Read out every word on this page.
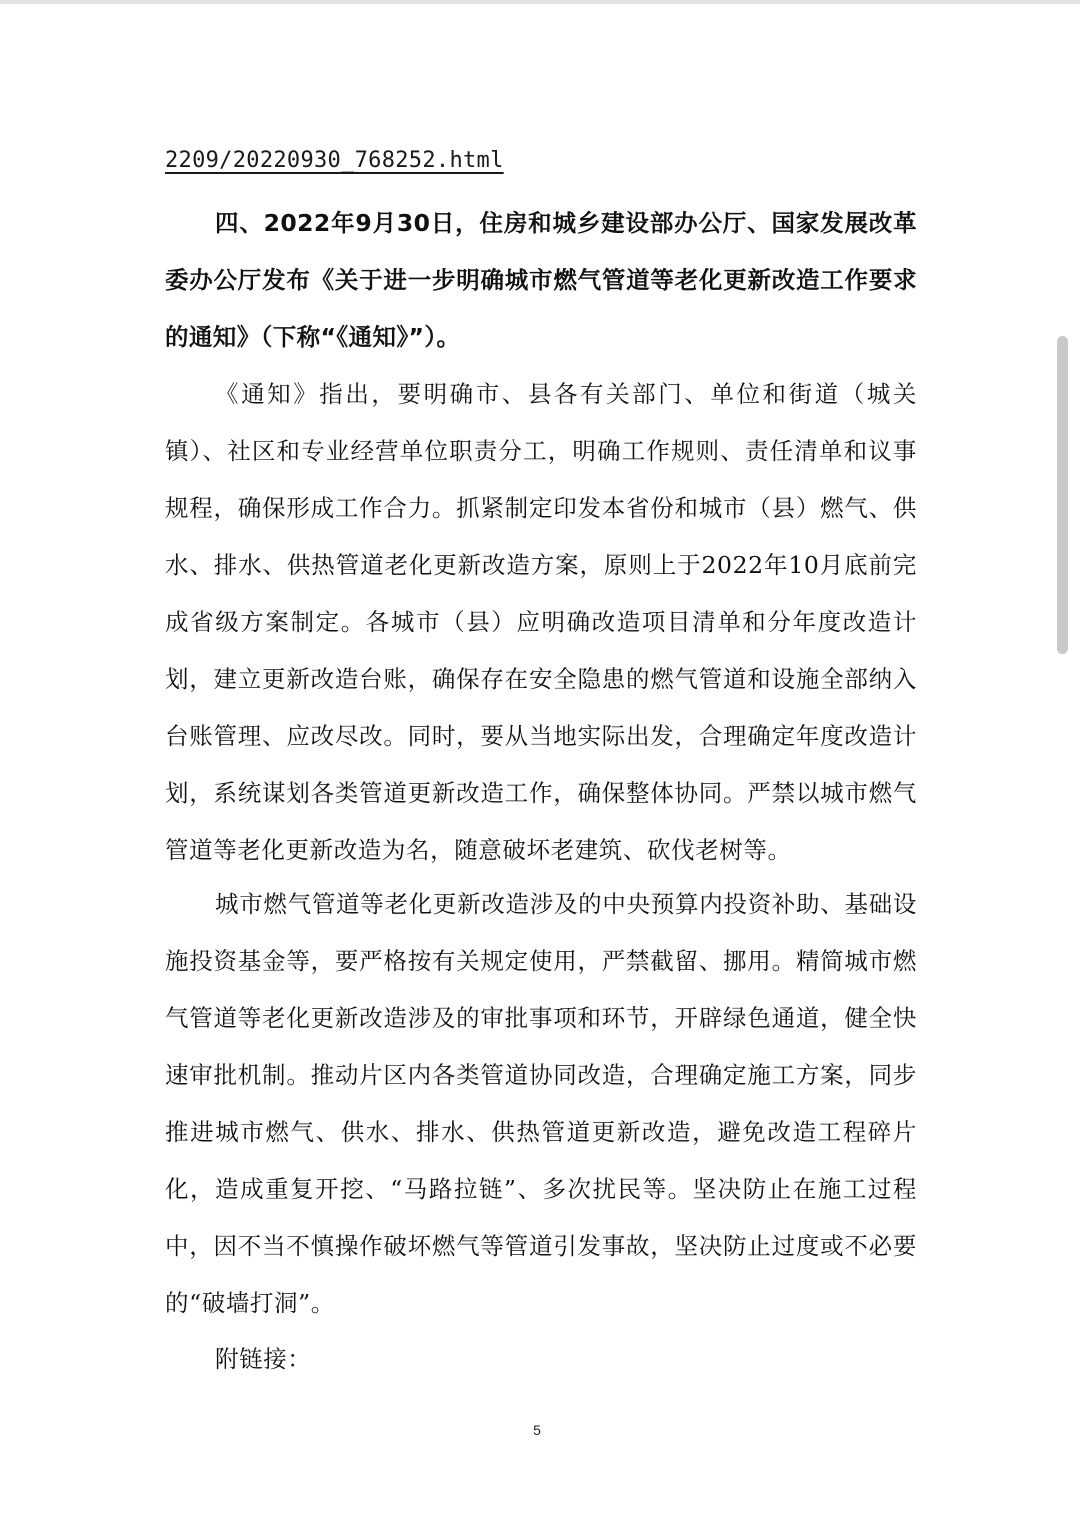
2209/20220930_768252.html

四、2022年9月30日，住房和城乡建设部办公厅、国家发展改革委办公厅发布《关于进一步明确城市燃气管道等老化更新改造工作要求的通知》（下称“《通知》”）。

《通知》指出，要明确市、县各有关部门、单位和街道（城关镇）、社区和专业经营单位职责分工，明确工作规则、责任清单和议事规程，确保形成工作合力。抓紧制定印发本省份和城市（县）燃气、供水、排水、供热管道老化更新改造方案，原则上于2022年10月底前完成省级方案制定。各城市（县）应明确改造项目清单和分年度改造计划，建立更新改造台账，确保存在安全隐患的燃气管道和设施全部纳入台账管理、应改尽改。同时，要从当地实际出发，合理确定年度改造计划，系统谋划各类管道更新改造工作，确保整体协同。严禁以城市燃气管道等老化更新改造为名，随意破坏老建筑、砍伐老树等。

城市燃气管道等老化更新改造涉及的中央预算内投资补助、基础设施投资基金等，要严格按有关规定使用，严禁截留、挪用。精简城市燃气管道等老化更新改造涉及的审批事项和环节，开辟绿色通道，健全快速审批机制。推动片区内各类管道协同改造，合理确定施工方案，同步推进城市燃气、供水、排水、供热管道更新改造，避免改造工程碎片化，造成重复开挖、“马路拉链”、多次扰民等。坚决防止在施工过程中，因不当不慎操作破坏燃气等管道引发事故，坚决防止过度或不必要的“破墙打洞”。

附链接：

5
